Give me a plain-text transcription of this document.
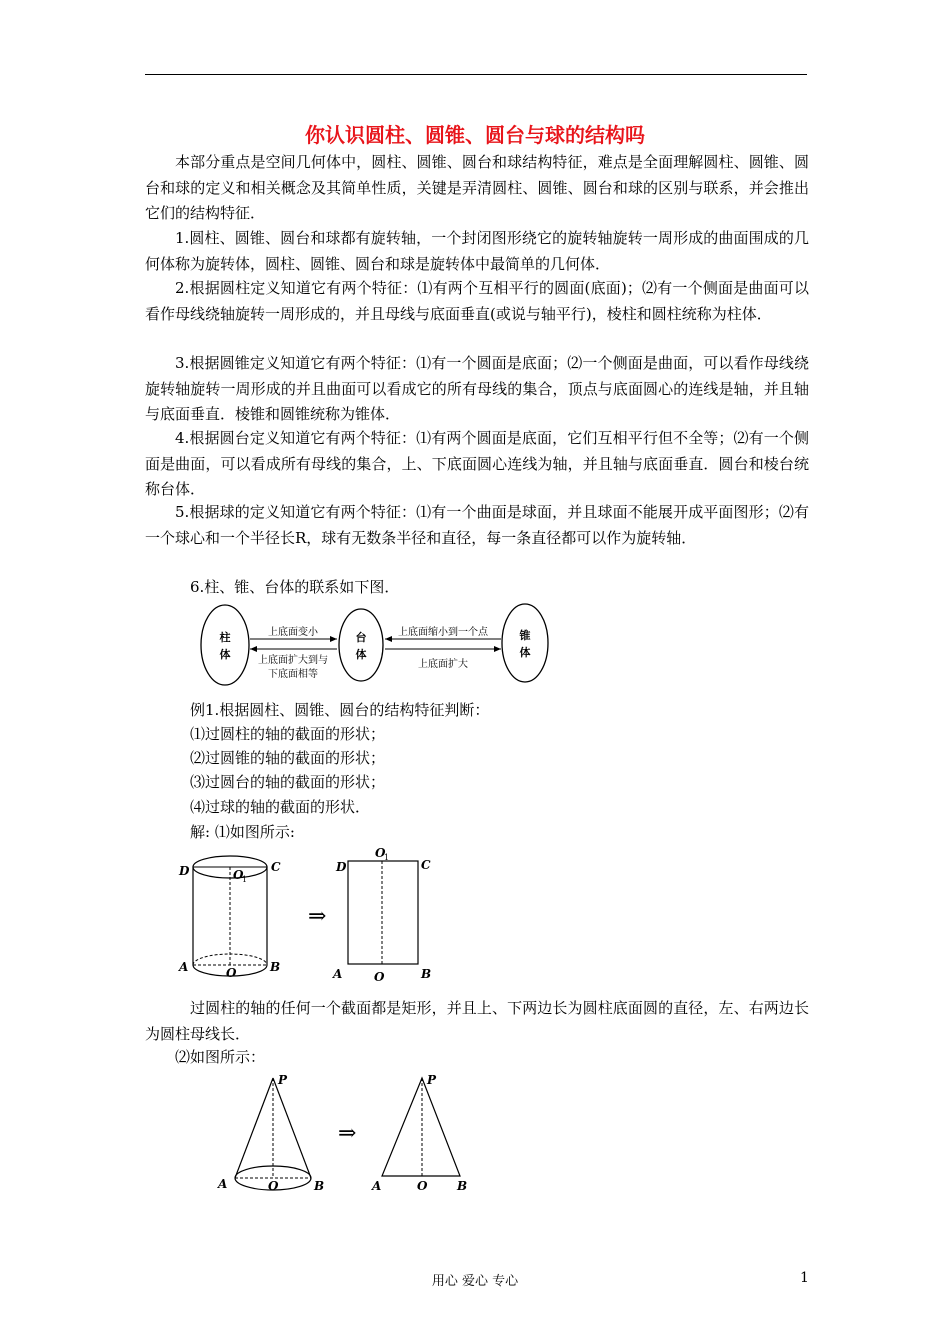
你认识圆柱、圆锥、圆台与球的结构吗
本部分重点是空间几何体中，圆柱、圆锥、圆台和球结构特征，难点是全面理解圆柱、圆锥、圆台和球的定义和相关概念及其简单性质，关键是弄清圆柱、圆锥、圆台和球的区别与联系，并会推出它们的结构特征．
1.圆柱、圆锥、圆台和球都有旋转轴，一个封闭图形绕它的旋转轴旋转一周形成的曲面围成的几何体称为旋转体，圆柱、圆锥、圆台和球是旋转体中最简单的几何体．
2.根据圆柱定义知道它有两个特征：⑴有两个互相平行的圆面(底面)；⑵有一个侧面是曲面可以看作母线绕轴旋转一周形成的，并且母线与底面垂直(或说与轴平行)，棱柱和圆柱统称为柱体．
3.根据圆锥定义知道它有两个特征：⑴有一个圆面是底面；⑵一个侧面是曲面，可以看作母线绕旋转轴旋转一周形成的并且曲面可以看成它的所有母线的集合，顶点与底面圆心的连线是轴，并且轴与底面垂直．棱锥和圆锥统称为锥体．
4.根据圆台定义知道它有两个特征：⑴有两个圆面是底面，它们互相平行但不全等；⑵有一个侧面是曲面，可以看成所有母线的集合，上、下底面圆心连线为轴，并且轴与底面垂直．圆台和棱台统称台体．
5.根据球的定义知道它有两个特征：⑴有一个曲面是球面，并且球面不能展开成平面图形；⑵有一个球心和一个半径长R，球有无数条半径和直径，每一条直径都可以作为旋转轴．
6.柱、锥、台体的联系如下图．
柱
体
台
体
锥
体
上底面变小
上底面扩大到与
下底面相等
上底面缩小到一个点
上底面扩大
例1.根据圆柱、圆锥、圆台的结构特征判断：
⑴过圆柱的轴的截面的形状；
⑵过圆锥的轴的截面的形状；
⑶过圆台的轴的截面的形状；
⑷过球的轴的截面的形状．
解: ⑴如图所示:
D	C
O
1
A	O	B
⇒
D
O
1
C
A	O	B
过圆柱的轴的任何一个截面都是矩形，并且上、下两边长为圆柱底面圆的直径，左、右两边长为圆柱母线长．
⑵如图所示：
P
A	O	B
⇒
P
A	O B
用心 爱心 专心	1
